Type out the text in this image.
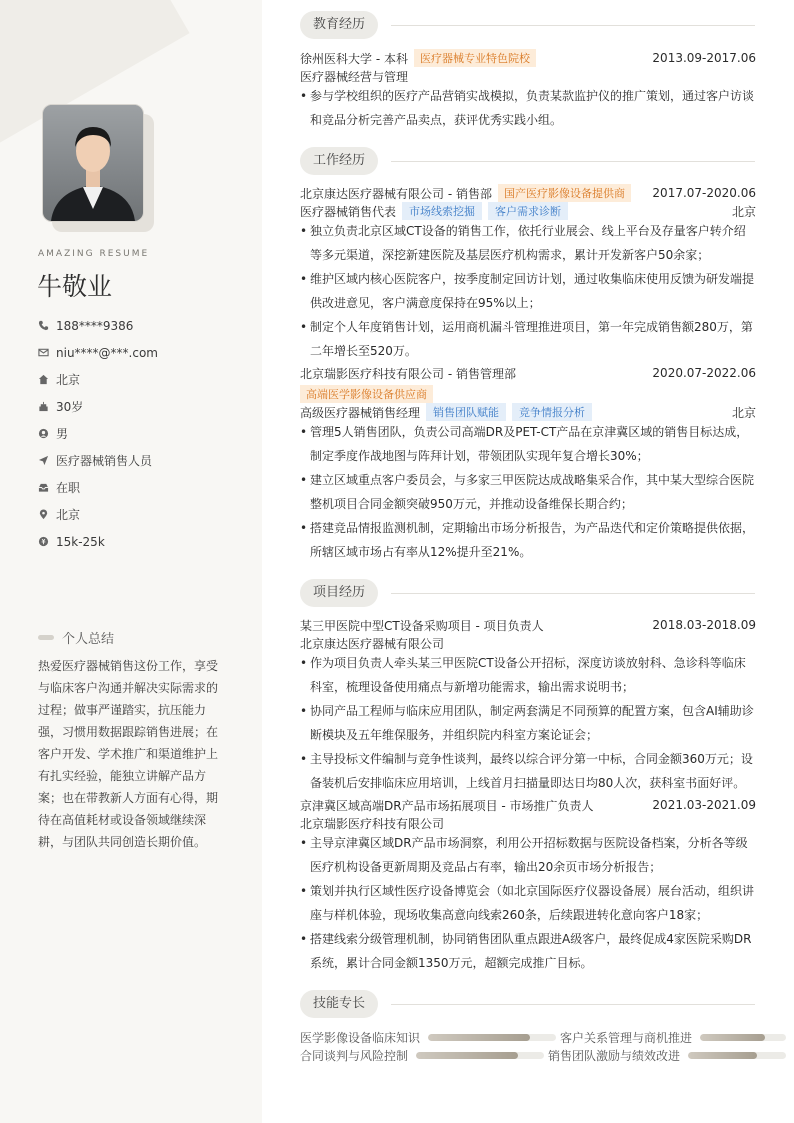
AMAZING RESUME
牛敬业
188****9386
niu****@***.com
北京
30岁
男
医疗器械销售人员
在职
北京
15k-25k
个人总结
热爱医疗器械销售这份工作，享受与临床客户沟通并解决实际需求的过程；做事严谨踏实，抗压能力强，习惯用数据跟踪销售进展；在客户开发、学术推广和渠道维护上有扎实经验，能独立讲解产品方案；也在带教新人方面有心得，期待在高值耗材或设备领域继续深耕，与团队共同创造长期价值。
教育经历
徐州医科大学 - 本科	医疗器械专业特色院校	2013.09-2017.06
医疗器械经营与管理
• 参与学校组织的医疗产品营销实战模拟，负责某款监护仪的推广策划，通过客户访谈和竞品分析完善产品卖点，获评优秀实践小组。
工作经历
北京康达医疗器械有限公司 - 销售部	国产医疗影像设备提供商	2017.07-2020.06
医疗器械销售代表	市场线索挖掘	客户需求诊断	北京
• 独立负责北京区域CT设备的销售工作，依托行业展会、线上平台及存量客户转介绍等多元渠道，深挖新建医院及基层医疗机构需求，累计开发新客户50余家；
• 维护区域内核心医院客户，按季度制定回访计划，通过收集临床使用反馈为研发端提供改进意见，客户满意度保持在95%以上；
• 制定个人年度销售计划，运用商机漏斗管理推进项目，第一年完成销售额280万，第二年增长至520万。
北京瑞影医疗科技有限公司 - 销售管理部	2020.07-2022.06
高端医学影像设备供应商
高级医疗器械销售经理	销售团队赋能	竞争情报分析	北京
• 管理5人销售团队，负责公司高端DR及PET-CT产品在京津冀区域的销售目标达成，制定季度作战地图与阵拜计划，带领团队实现年复合增长30%；
• 建立区域重点客户委员会，与多家三甲医院达成战略集采合作，其中某大型综合医院整机项目合同金额突破950万元，并推动设备维保长期合约；
• 搭建竞品情报监测机制，定期输出市场分析报告，为产品迭代和定价策略提供依据，所辖区域市场占有率从12%提升至21%。
项目经历
某三甲医院中型CT设备采购项目 - 项目负责人	2018.03-2018.09
北京康达医疗器械有限公司
• 作为项目负责人牵头某三甲医院CT设备公开招标，深度访谈放射科、急诊科等临床科室，梳理设备使用痛点与新增功能需求，输出需求说明书；
• 协同产品工程师与临床应用团队，制定两套满足不同预算的配置方案，包含AI辅助诊断模块及五年维保服务，并组织院内科室方案论证会；
• 主导投标文件编制与竞争性谈判，最终以综合评分第一中标，合同金额360万元；设备装机后安排临床应用培训，上线首月扫描量即达日均80人次，获科室书面好评。
京津冀区域高端DR产品市场拓展项目 - 市场推广负责人	2021.03-2021.09
北京瑞影医疗科技有限公司
• 主导京津冀区域DR产品市场洞察，利用公开招标数据与医院设备档案，分析各等级医疗机构设备更新周期及竞品占有率，输出20余页市场分析报告；
• 策划并执行区域性医疗设备博览会（如北京国际医疗仪器设备展）展台活动，组织讲座与样机体验，现场收集高意向线索260条，后续跟进转化意向客户18家；
• 搭建线索分级管理机制，协同销售团队重点跟进A级客户，最终促成4家医院采购DR系统，累计合同金额1350万元，超额完成推广目标。
技能专长
医学影像设备临床知识	客户关系管理与商机推进
合同谈判与风险控制	销售团队激励与绩效改进
